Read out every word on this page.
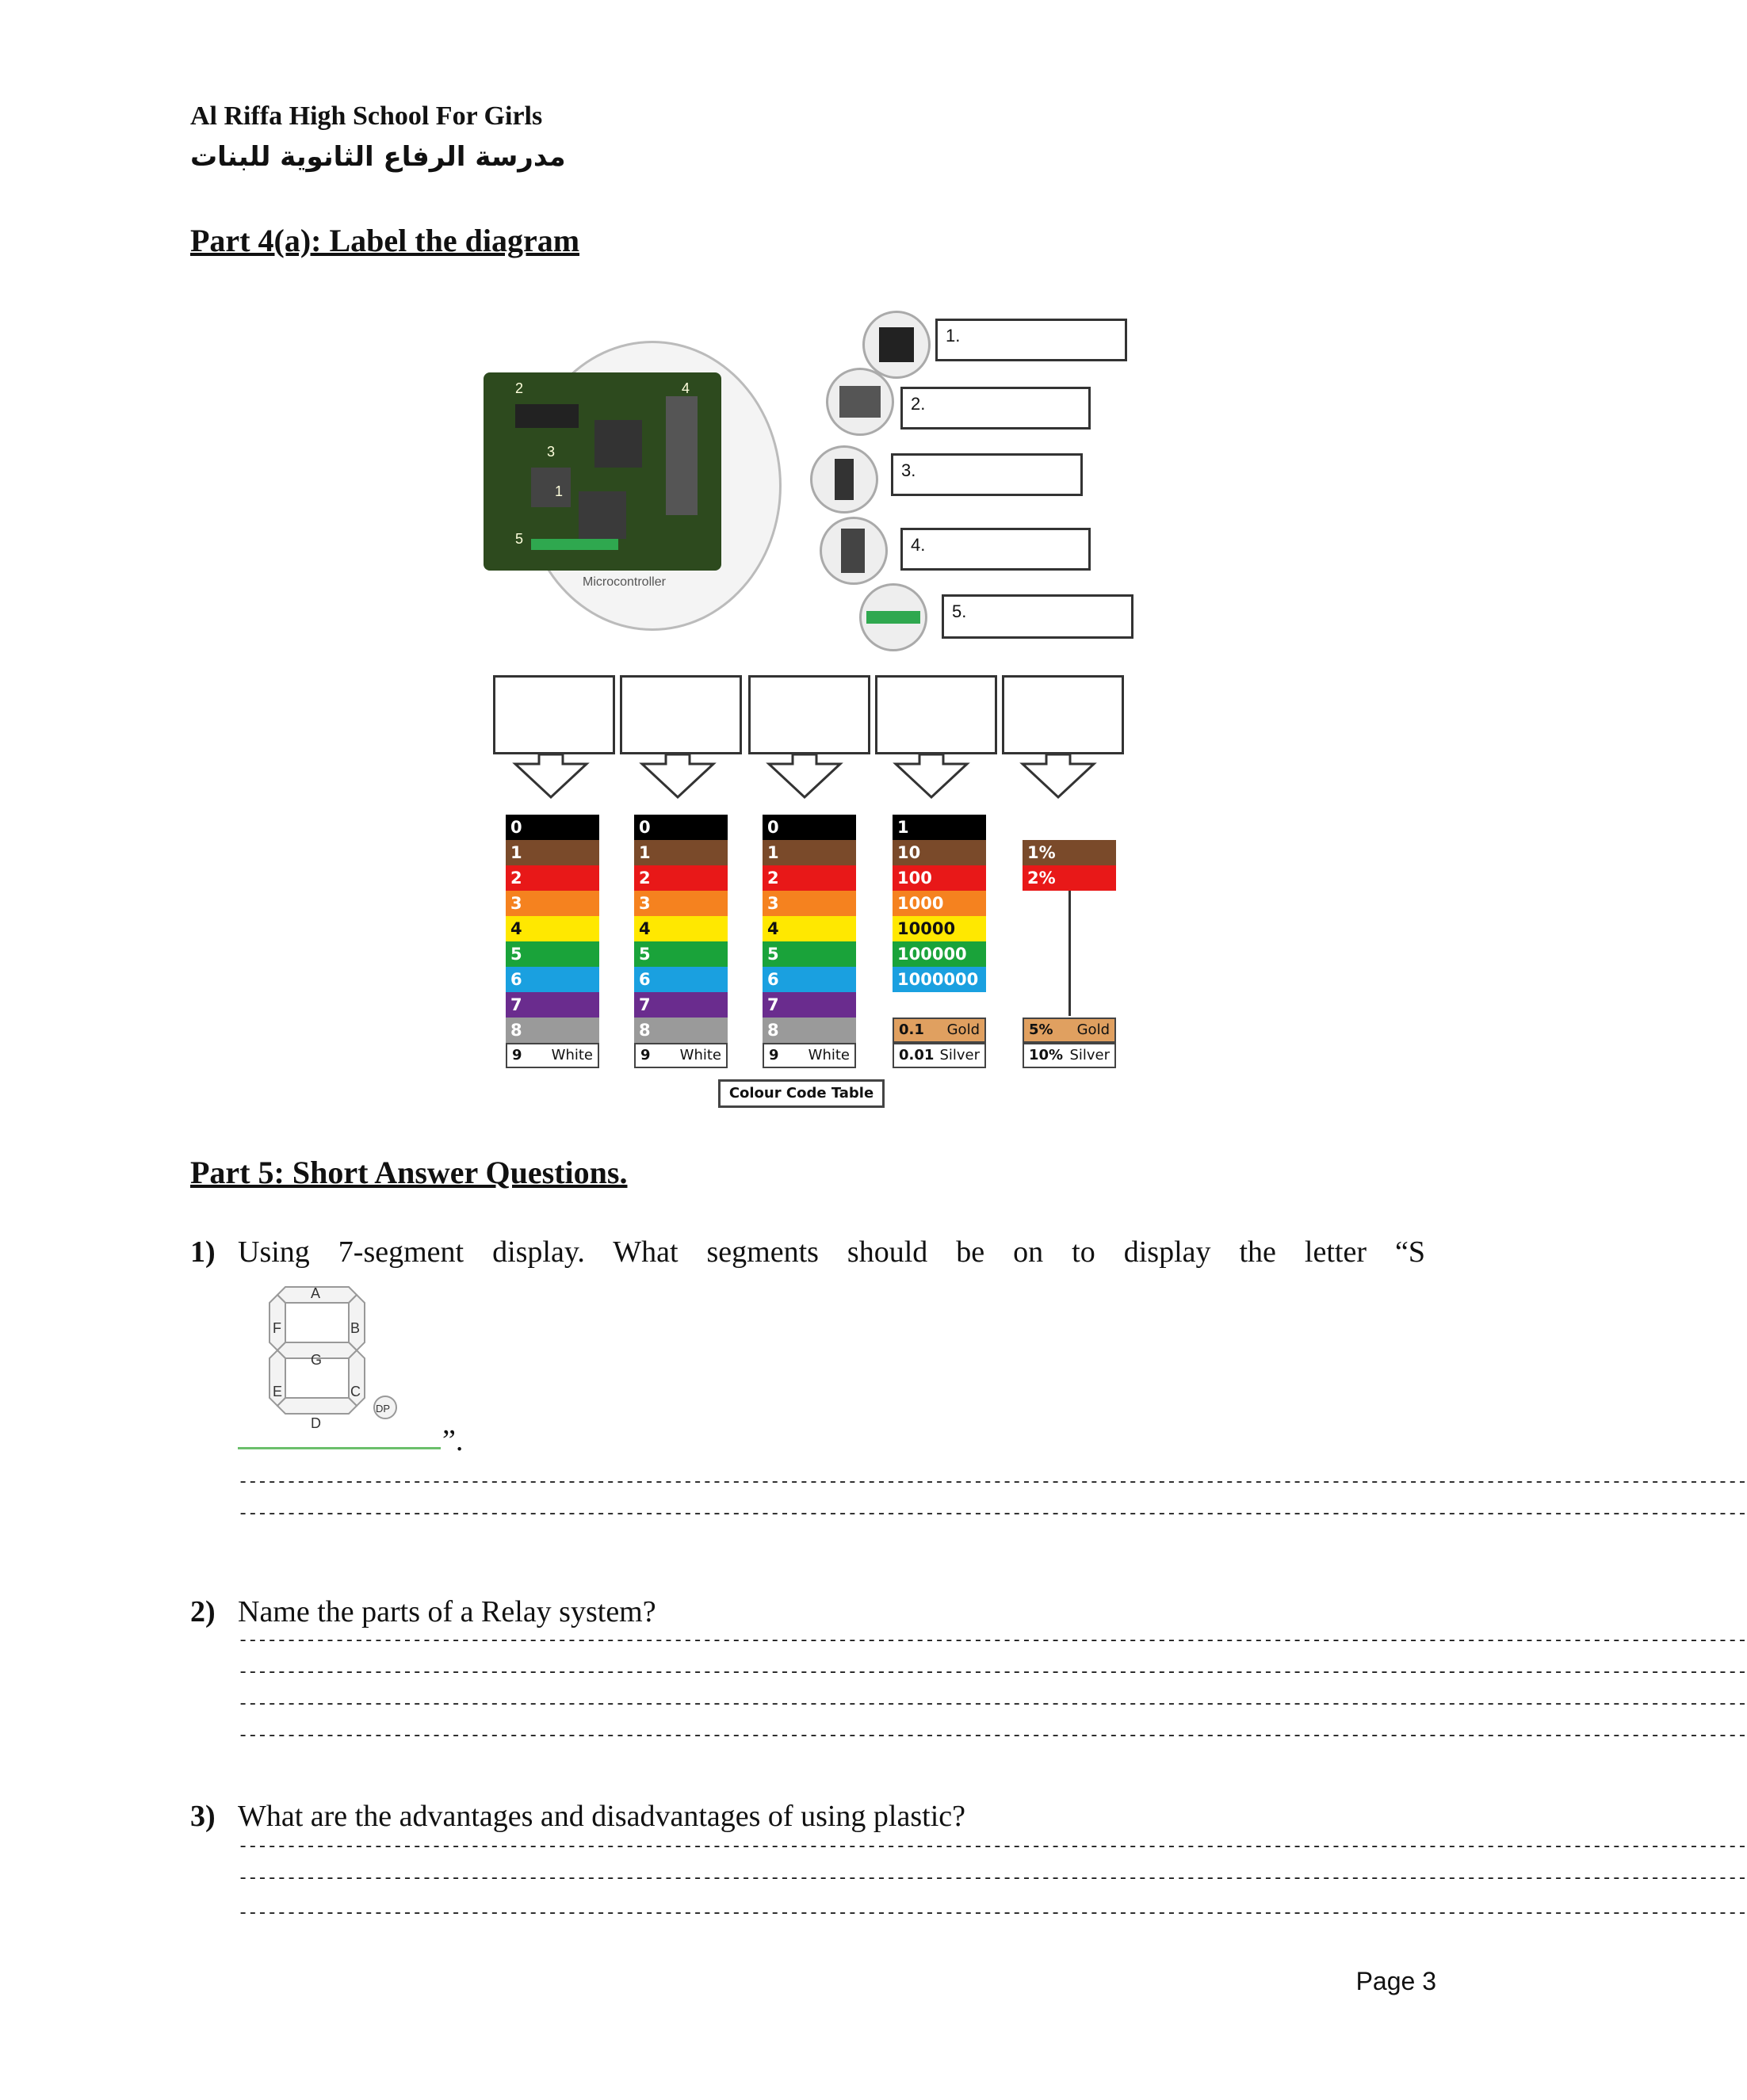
Al Riffa High School For Girls
مدرسة الرفاع الثانوية للبنات
Part 4(a): Label the diagram
2
1
3
4
5
Microcontroller
1.
2.
3.
4.
5.
0
1
2
3
4
5
6
7
8
9 White
0
1
2
3
4
5
6
7
8
9 White
0
1
2
3
4
5
6
7
8
9 White
1
10
100
1000
10000
100000
1000000
0.1 Gold
0.01 Silver
1%
2%
5% Gold
10% Silver
Colour Code Table
Part 5: Short Answer Questions.
1) Using 7-segment display. What segments should be on to display the letter “S
A
B
C
D
E
F
G
DP
”.
------------------------------------------------------------------------------------------------------------------------------------------------------------
------------------------------------------------------------------------------------------------------------------------------------------------------------
2) Name the parts of a Relay system?
------------------------------------------------------------------------------------------------------------------------------------------------------------
------------------------------------------------------------------------------------------------------------------------------------------------------------
------------------------------------------------------------------------------------------------------------------------------------------------------------
------------------------------------------------------------------------------------------------------------------------------------------------------------
3) What are the advantages and disadvantages of using plastic?
------------------------------------------------------------------------------------------------------------------------------------------------------------
------------------------------------------------------------------------------------------------------------------------------------------------------------
------------------------------------------------------------------------------------------------------------------------------------------------------------
Page 3
